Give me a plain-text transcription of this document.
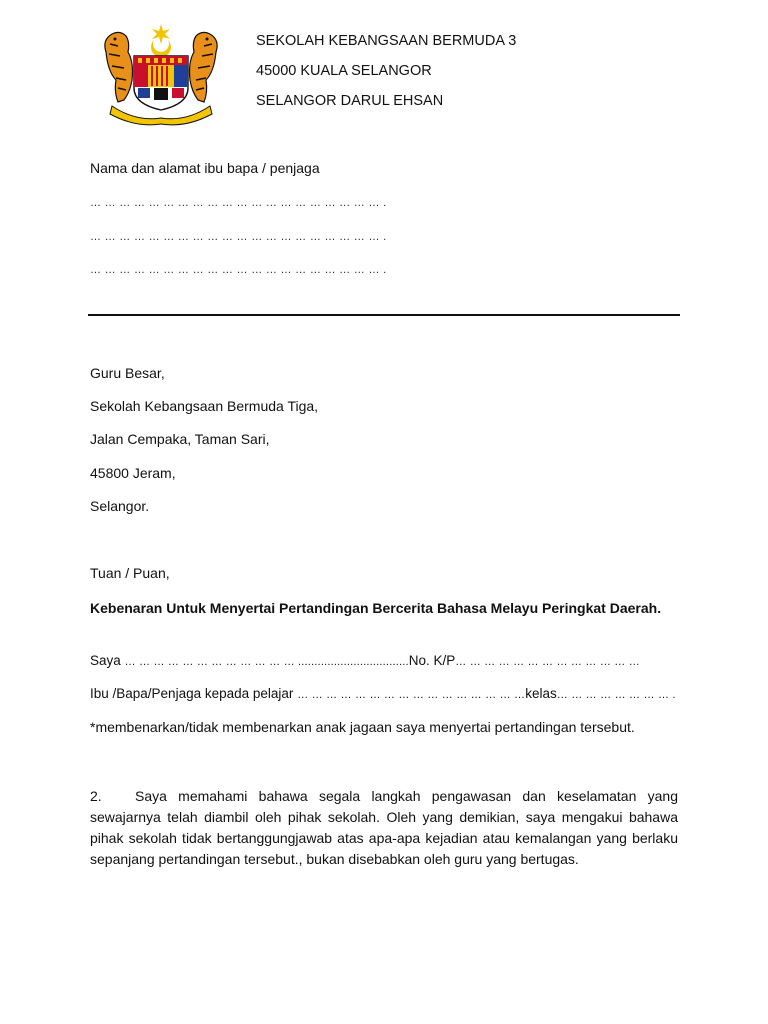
SEKOLAH KEBANGSAAN BERMUDA 3
45000 KUALA SELANGOR
SELANGOR DARUL EHSAN
Nama dan alamat ibu bapa / penjaga
… … … … … … … … … … … … … … … … … … … … .
… … … … … … … … … … … … … … … … … … … … .
… … … … … … … … … … … … … … … … … … … … .
Guru Besar,
Sekolah Kebangsaan Bermuda Tiga,
Jalan Cempaka, Taman Sari,
45800 Jeram,
Selangor.
Tuan / Puan,
Kebenaran Untuk Menyertai Pertandingan Bercerita Bahasa Melayu Peringkat Daerah.
Saya … … … … … … … … … … … … ..................................No. K/P… … … … … … … … … … … … …
Ibu /Bapa/Penjaga kepada pelajar … … … … … … … … … … … … … … … …kelas… … … … … … … … .
*membenarkan/tidak membenarkan anak jagaan saya menyertai pertandingan tersebut.
2. Saya memahami bahawa segala langkah pengawasan dan keselamatan yang sewajarnya telah diambil oleh pihak sekolah. Oleh yang demikian, saya mengakui bahawa pihak sekolah tidak bertanggungjawab atas apa-apa kejadian atau kemalangan yang berlaku sepanjang pertandingan tersebut., bukan disebabkan oleh guru yang bertugas.
